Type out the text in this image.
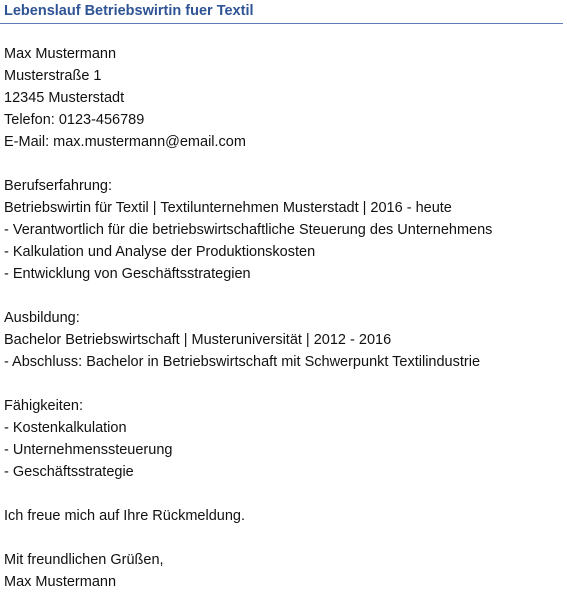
Lebenslauf Betriebswirtin fuer Textil

Max Mustermann

Musterstraße 1

12345 Musterstadt

Telefon: 0123-456789

E-Mail: max.mustermann@email.com

Berufserfahrung:

Betriebswirtin für Textil | Textilunternehmen Musterstadt | 2016 - heute

- Verantwortlich für die betriebswirtschaftliche Steuerung des Unternehmens

- Kalkulation und Analyse der Produktionskosten

- Entwicklung von Geschäftsstrategien

Ausbildung:

Bachelor Betriebswirtschaft | Musteruniversität | 2012 - 2016

- Abschluss: Bachelor in Betriebswirtschaft mit Schwerpunkt Textilindustrie

Fähigkeiten:

- Kostenkalkulation

- Unternehmenssteuerung

- Geschäftsstrategie

Ich freue mich auf Ihre Rückmeldung.

Mit freundlichen Grüßen,

Max Mustermann
